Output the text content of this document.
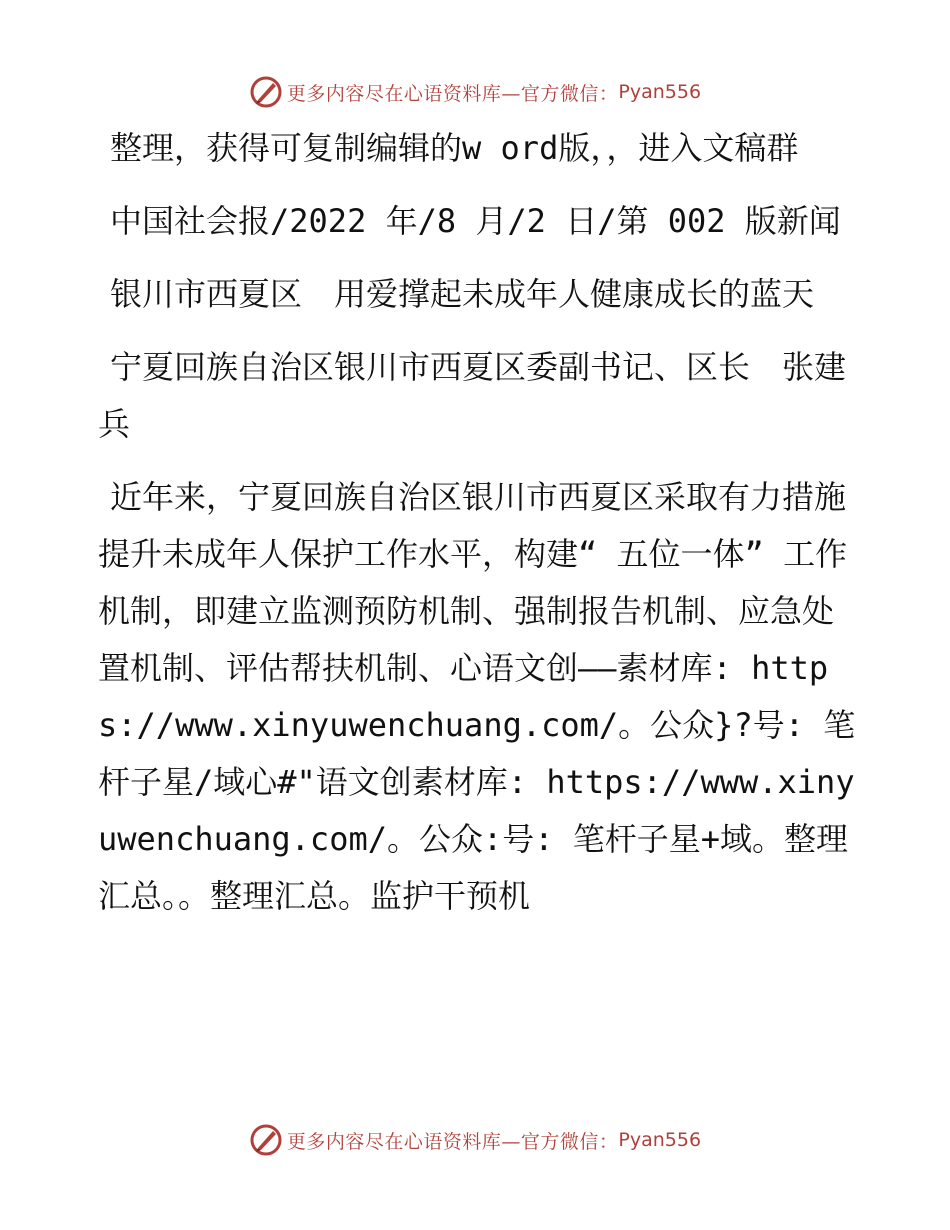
更多内容尽在心语资料库—官方微信： Pyan556

整理，获得可复制编辑的w ord版，，进入文稿群

中国社会报/2022 年/8 月/2 日/第 002 版新闻

银川市西夏区　用爱撑起未成年人健康成长的蓝天

宁夏回族自治区银川市西夏区委副书记、区长　张建兵

近年来，宁夏回族自治区银川市西夏区采取有力措施提升未成年人保护工作水平，构建“ 五位一体” 工作机制，即建立监测预防机制、强制报告机制、应急处置机制、评估帮扶机制、心语文创——素材库: https://www.xinyuwenchuang.com/。公众}?号: 笔杆子星/域心#"语文创素材库: https://www.xinyuwenchuang.com/。公众:号: 笔杆子星+域。整理汇总。。整理汇总。监护干预机

更多内容尽在心语资料库—官方微信： Pyan556
